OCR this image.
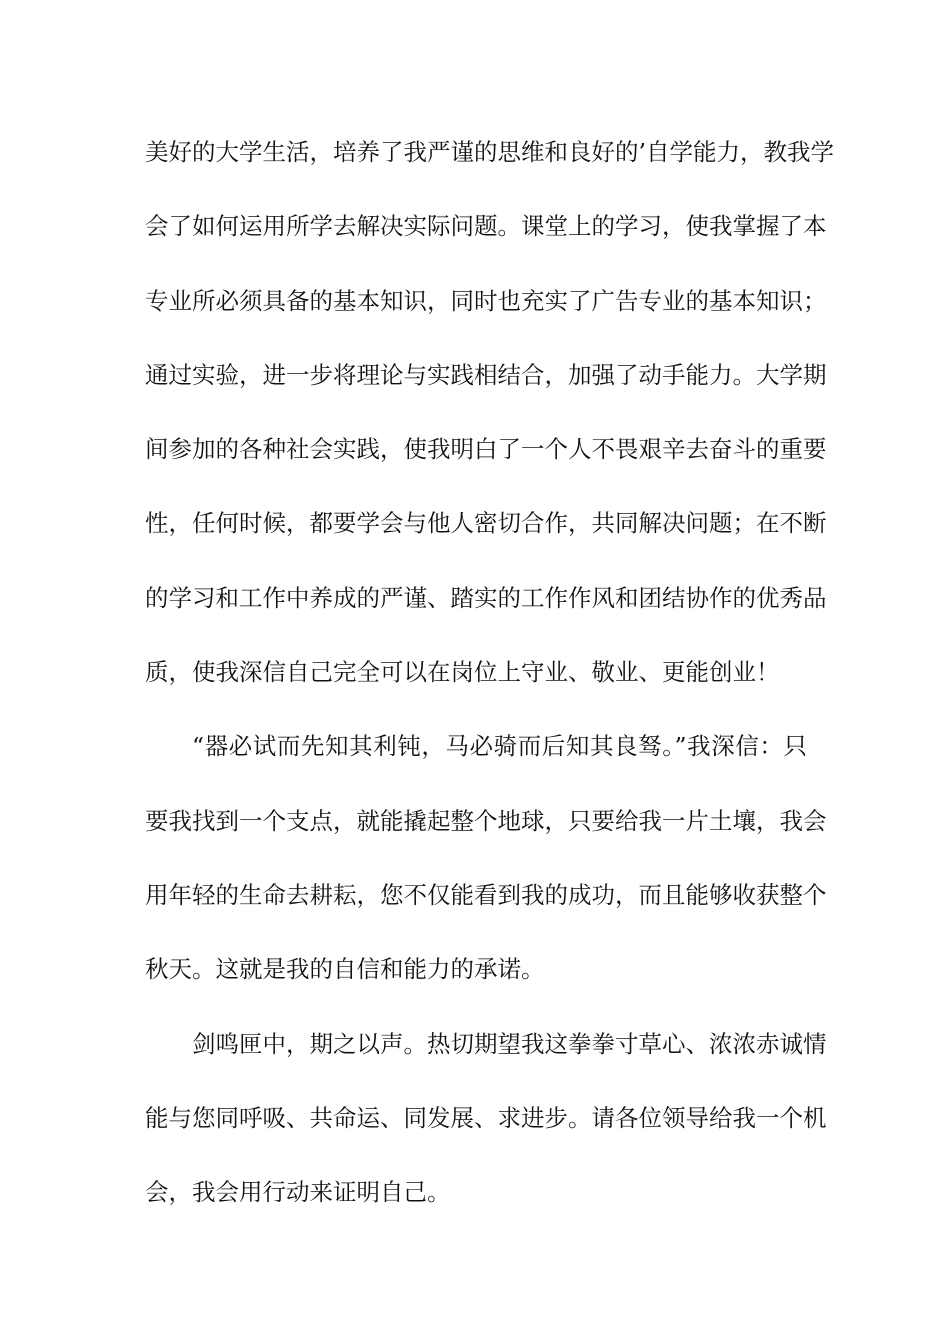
美好的大学生活，培养了我严谨的思维和良好的’自学能力，教我学
会了如何运用所学去解决实际问题。课堂上的学习，使我掌握了本
专业所必须具备的基本知识，同时也充实了广告专业的基本知识；
通过实验，进一步将理论与实践相结合，加强了动手能力。大学期
间参加的各种社会实践，使我明白了一个人不畏艰辛去奋斗的重要
性，任何时候，都要学会与他人密切合作，共同解决问题；在不断
的学习和工作中养成的严谨、踏实的工作作风和团结协作的优秀品
质，使我深信自己完全可以在岗位上守业、敬业、更能创业！
“器必试而先知其利钝，马必骑而后知其良驽。”我深信：只
要我找到一个支点，就能撬起整个地球，只要给我一片土壤，我会
用年轻的生命去耕耘，您不仅能看到我的成功，而且能够收获整个
秋天。这就是我的自信和能力的承诺。
剑鸣匣中，期之以声。热切期望我这拳拳寸草心、浓浓赤诚情
能与您同呼吸、共命运、同发展、求进步。请各位领导给我一个机
会，我会用行动来证明自己。
